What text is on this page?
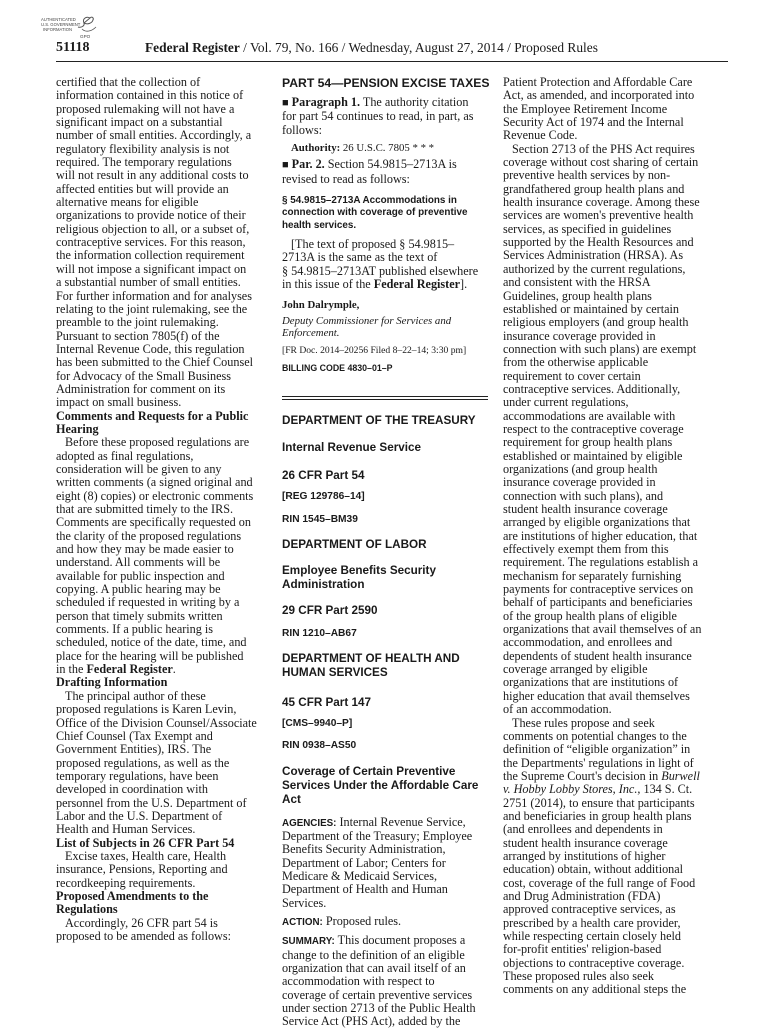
AUTHENTICATED
U.S. GOVERNMENT
INFORMATION
GPO
51118	Federal Register / Vol. 79, No. 166 / Wednesday, August 27, 2014 / Proposed Rules

certified that the collection of
information contained in this notice of
proposed rulemaking will not have a
significant impact on a substantial
number of small entities. Accordingly, a
regulatory flexibility analysis is not
required. The temporary regulations
will not result in any additional costs to
affected entities but will provide an
alternative means for eligible
organizations to provide notice of their
religious objection to all, or a subset of,
contraceptive services. For this reason,
the information collection requirement
will not impose a significant impact on
a substantial number of small entities.
For further information and for analyses
relating to the joint rulemaking, see the
preamble to the joint rulemaking.
Pursuant to section 7805(f) of the
Internal Revenue Code, this regulation
has been submitted to the Chief Counsel
for Advocacy of the Small Business
Administration for comment on its
impact on small business.

Comments and Requests for a Public
Hearing

Before these proposed regulations are
adopted as final regulations,
consideration will be given to any
written comments (a signed original and
eight (8) copies) or electronic comments
that are submitted timely to the IRS.
Comments are specifically requested on
the clarity of the proposed regulations
and how they may be made easier to
understand. All comments will be
available for public inspection and
copying. A public hearing may be
scheduled if requested in writing by a
person that timely submits written
comments. If a public hearing is
scheduled, notice of the date, time, and
place for the hearing will be published

in the Federal Register.

Drafting Information

The principal author of these
proposed regulations is Karen Levin,
Office of the Division Counsel/Associate
Chief Counsel (Tax Exempt and
Government Entities), IRS. The
proposed regulations, as well as the
temporary regulations, have been
developed in coordination with
personnel from the U.S. Department of
Labor and the U.S. Department of
Health and Human Services.

List of Subjects in 26 CFR Part 54

Excise taxes, Health care, Health
insurance, Pensions, Reporting and
recordkeeping requirements.

Proposed Amendments to the
Regulations

Accordingly, 26 CFR part 54 is
proposed to be amended as follows:

PART 54—PENSION EXCISE TAXES

■ Paragraph 1. The authority citation
for part 54 continues to read, in part, as
follows:

Authority: 26 U.S.C. 7805 * * *

■ Par. 2. Section 54.9815–2713A is
revised to read as follows:

§ 54.9815–2713A Accommodations in
connection with coverage of preventive
health services.

[The text of proposed § 54.9815–
2713A is the same as the text of
§ 54.9815–2713AT published elsewhere

in this issue of the Federal Register].

John Dalrymple,

Deputy Commissioner for Services and
Enforcement.

[FR Doc. 2014–20256 Filed 8–22–14; 3:30 pm]

BILLING CODE 4830–01–P

DEPARTMENT OF THE TREASURY
Internal Revenue Service
26 CFR Part 54
[REG 129786–14]
RIN 1545–BM39
DEPARTMENT OF LABOR
Employee Benefits Security
Administration
29 CFR Part 2590
RIN 1210–AB67
DEPARTMENT OF HEALTH AND
HUMAN SERVICES
45 CFR Part 147
[CMS–9940–P]
RIN 0938–AS50
Coverage of Certain Preventive
Services Under the Affordable Care
Act

AGENCIES: Internal Revenue Service,
Department of the Treasury; Employee
Benefits Security Administration,
Department of Labor; Centers for
Medicare & Medicaid Services,
Department of Health and Human
Services.

ACTION: Proposed rules.

SUMMARY: This document proposes a
change to the definition of an eligible
organization that can avail itself of an
accommodation with respect to
coverage of certain preventive services
under section 2713 of the Public Health
Service Act (PHS Act), added by the

Patient Protection and Affordable Care
Act, as amended, and incorporated into
the Employee Retirement Income
Security Act of 1974 and the Internal
Revenue Code.

Section 2713 of the PHS Act requires
coverage without cost sharing of certain
preventive health services by non-
grandfathered group health plans and
health insurance coverage. Among these
services are women's preventive health
services, as specified in guidelines
supported by the Health Resources and
Services Administration (HRSA). As
authorized by the current regulations,
and consistent with the HRSA
Guidelines, group health plans
established or maintained by certain
religious employers (and group health
insurance coverage provided in
connection with such plans) are exempt
from the otherwise applicable
requirement to cover certain
contraceptive services. Additionally,
under current regulations,
accommodations are available with
respect to the contraceptive coverage
requirement for group health plans
established or maintained by eligible
organizations (and group health
insurance coverage provided in
connection with such plans), and
student health insurance coverage
arranged by eligible organizations that
are institutions of higher education, that
effectively exempt them from this
requirement. The regulations establish a
mechanism for separately furnishing
payments for contraceptive services on
behalf of participants and beneficiaries
of the group health plans of eligible
organizations that avail themselves of an
accommodation, and enrollees and
dependents of student health insurance
coverage arranged by eligible
organizations that are institutions of
higher education that avail themselves
of an accommodation.

These rules propose and seek
comments on potential changes to the
definition of “eligible organization” in
the Departments' regulations in light of
the Supreme Court's decision in Burwell
v. Hobby Lobby Stores, Inc., 134 S. Ct.
2751 (2014), to ensure that participants
and beneficiaries in group health plans
(and enrollees and dependents in
student health insurance coverage
arranged by institutions of higher
education) obtain, without additional
cost, coverage of the full range of Food
and Drug Administration (FDA)
approved contraceptive services, as
prescribed by a health care provider,
while respecting certain closely held
for-profit entities' religion-based
objections to contraceptive coverage.
These proposed rules also seek
comments on any additional steps the
